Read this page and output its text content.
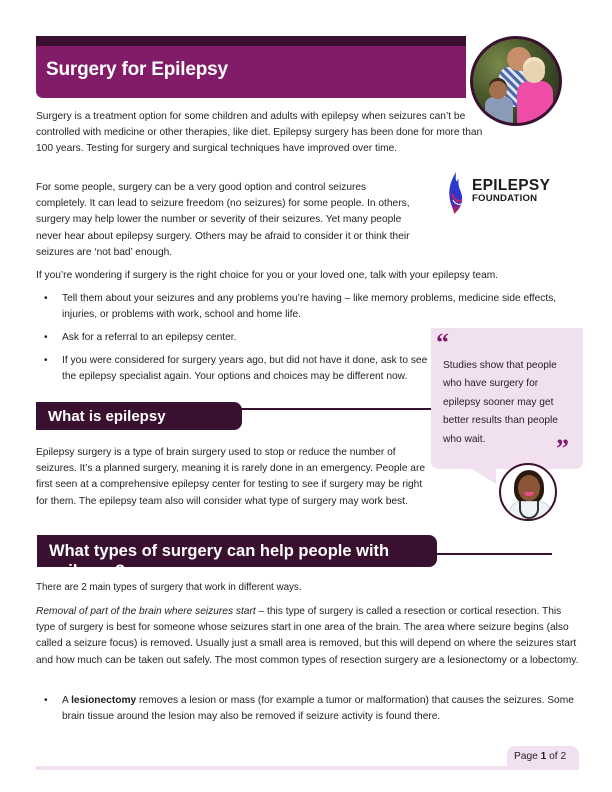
Surgery for Epilepsy

Surgery is a treatment option for some children and adults with epilepsy when seizures can’t be controlled with medicine or other therapies, like diet. Epilepsy surgery has been done for more than 100 years. Testing for surgery and surgical techniques have improved over time.

For some people, surgery can be a very good option and control seizures completely. It can lead to seizure freedom (no seizures) for some people. In others, surgery may help lower the number or severity of their seizures. Yet many people never hear about epilepsy surgery. Others may be afraid to consider it or think their seizures are ‘not bad’ enough.

EPILEPSY
FOUNDATION

If you’re wondering if surgery is the right choice for you or your loved one, talk with your epilepsy team.

• Tell them about your seizures and any problems you’re having – like memory problems, medicine side effects, injuries, or problems with work, school and home life.
• Ask for a referral to an epilepsy center.
• If you were considered for surgery years ago, but did not have it done, ask to see the epilepsy specialist again. Your options and choices may be different now.
“

Studies show that people who have surgery for epilepsy sooner may get better results than people who wait.	”
What is epilepsy surgery?

Epilepsy surgery is a type of brain surgery used to stop or reduce the number of seizures. It’s a planned surgery, meaning it is rarely done in an emergency. People are first seen at a comprehensive epilepsy center for testing to see if surgery may be right for them. The epilepsy team also will consider what type of surgery may work best.

What types of surgery can help people with epilepsy?

There are 2 main types of surgery that work in different ways.

Removal of part of the brain where seizures start – this type of surgery is called a resection or cortical resection. This type of surgery is best for someone whose seizures start in one area of the brain. The area where seizure begins (also called a seizure focus) is removed. Usually just a small area is removed, but this will depend on where the seizures start and how much can be taken out safely. The most common types of resection surgery are a lesionectomy or a lobectomy.

• A lesionectomy removes a lesion or mass (for example a tumor or malformation) that causes the seizures. Some brain tissue around the lesion may also be removed if seizure activity is found there.
Page 1 of 2
